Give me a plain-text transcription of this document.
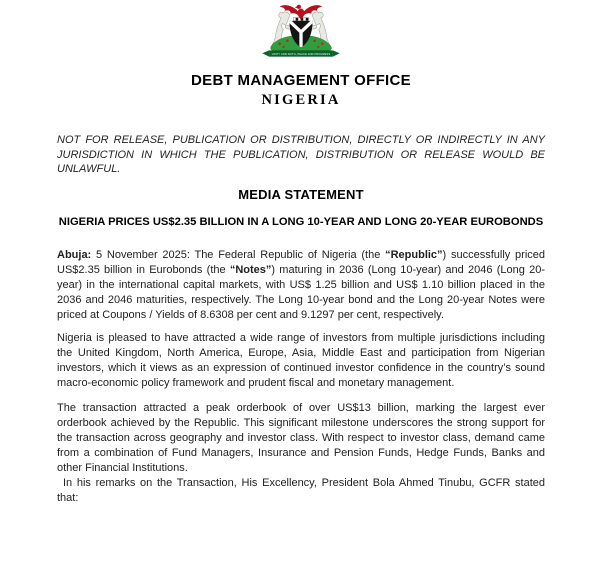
UNITY AND FAITH, PEACE AND PROGRESS
DEBT MANAGEMENT OFFICE
NIGERIA

NOT FOR RELEASE, PUBLICATION OR DISTRIBUTION, DIRECTLY OR INDIRECTLY IN ANY JURISDICTION IN WHICH THE PUBLICATION, DISTRIBUTION OR RELEASE WOULD BE UNLAWFUL.

MEDIA STATEMENT
NIGERIA PRICES US$2.35 BILLION IN A LONG 10-YEAR AND LONG 20-YEAR EUROBONDS

Abuja: 5 November 2025: The Federal Republic of Nigeria (the “Republic”) successfully priced US$2.35 billion in Eurobonds (the “Notes”) maturing in 2036 (Long 10-year) and 2046 (Long 20-year) in the international capital markets, with US$ 1.25 billion and US$ 1.10 billion placed in the 2036 and 2046 maturities, respectively. The Long 10-year bond and the Long 20-year Notes were priced at Coupons / Yields of 8.6308 per cent and 9.1297 per cent, respectively.

Nigeria is pleased to have attracted a wide range of investors from multiple jurisdictions including the United Kingdom, North America, Europe, Asia, Middle East and participation from Nigerian investors, which it views as an expression of continued investor confidence in the country’s sound macro-economic policy framework and prudent fiscal and monetary management.

The transaction attracted a peak orderbook of over US$13 billion, marking the largest ever orderbook achieved by the Republic. This significant milestone underscores the strong support for the transaction across geography and investor class. With respect to investor class, demand came from a combination of Fund Managers, Insurance and Pension Funds, Hedge Funds, Banks and other Financial Institutions.

In his remarks on the Transaction, His Excellency, President Bola Ahmed Tinubu, GCFR stated that:
